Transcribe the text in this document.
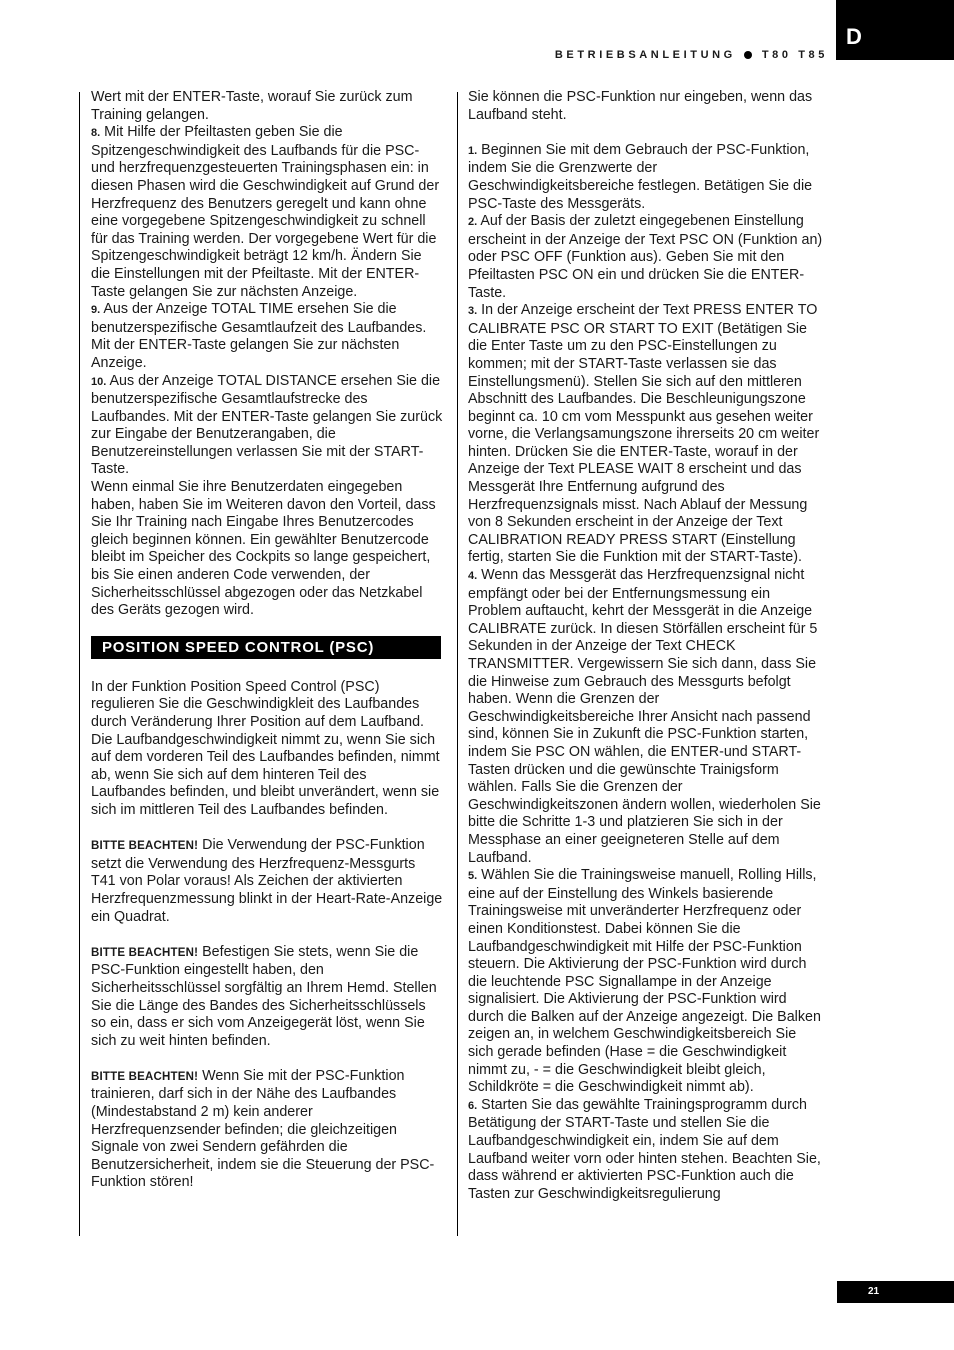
D
BETRIEBSANLEITUNG T80 T85

Wert mit der ENTER-Taste, worauf Sie zurück zum Training gelangen.

8. Mit Hilfe der Pfeiltasten geben Sie die Spitzengeschwindigkeit des Laufbands für die PSC- und herzfrequenzgesteuerten Trainingsphasen ein: in diesen Phasen wird die Geschwindigkeit auf Grund der Herzfrequenz des Benutzers geregelt und kann ohne eine vorgegebene Spitzengeschwindigkeit zu schnell für das Training werden. Der vorgegebene Wert für die Spitzengeschwindigkeit beträgt 12 km/h. Ändern Sie die Einstellungen mit der Pfeiltaste. Mit der ENTER-Taste gelangen Sie zur nächsten Anzeige.

9. Aus der Anzeige TOTAL TIME ersehen Sie die benutzerspezifische Gesamtlaufzeit des Laufbandes. Mit der ENTER-Taste gelangen Sie zur nächsten Anzeige.

10. Aus der Anzeige TOTAL DISTANCE ersehen Sie die benutzerspezifische Gesamtlaufstrecke des Laufbandes. Mit der ENTER-Taste gelangen Sie zurück zur Eingabe der Benutzerangaben, die Benutzereinstellungen verlassen Sie mit der START-Taste.

Wenn einmal Sie ihre Benutzerdaten eingegeben haben, haben Sie im Weiteren davon den Vorteil, dass Sie Ihr Training nach Eingabe Ihres Benutzercodes gleich beginnen können. Ein gewählter Benutzercode bleibt im Speicher des Cockpits so lange gespeichert, bis Sie einen anderen Code verwenden, der Sicherheitsschlüssel abgezogen oder das Netzkabel des Geräts gezogen wird.

POSITION SPEED CONTROL (PSC)

In der Funktion Position Speed Control (PSC) regulieren Sie die Geschwindigkleit des Laufbandes durch Veränderung Ihrer Position auf dem Laufband. Die Laufbandgeschwindigkeit nimmt zu, wenn Sie sich auf dem vorderen Teil des Laufbandes befinden, nimmt ab, wenn Sie sich auf dem hinteren Teil des Laufbandes befinden, und bleibt unverändert, wenn sie sich im mittleren Teil des Laufbandes befinden.

BITTE BEACHTEN! Die Verwendung der PSC-Funktion setzt die Verwendung des Herzfrequenz-Messgurts T41 von Polar voraus! Als Zeichen der aktivierten Herzfrequenzmessung blinkt in der Heart-Rate-Anzeige ein Quadrat.

BITTE BEACHTEN! Befestigen Sie stets, wenn Sie die PSC-Funktion eingestellt haben, den Sicherheitsschlüssel sorgfältig an Ihrem Hemd. Stellen Sie die Länge des Bandes des Sicherheitsschlüssels so ein, dass er sich vom Anzeigegerät löst, wenn Sie sich zu weit hinten befinden.

BITTE BEACHTEN! Wenn Sie mit der PSC-Funktion trainieren, darf sich in der Nähe des Laufbandes (Mindestabstand 2 m) kein anderer Herzfrequenzsender befinden; die gleichzeitigen Signale von zwei Sendern gefährden die Benutzersicherheit, indem sie die Steuerung der PSC-Funktion stören!

Sie können die PSC-Funktion nur eingeben, wenn das Laufband steht.

1. Beginnen Sie mit dem Gebrauch der PSC-Funktion, indem Sie die Grenzwerte der Geschwindigkeitsbereiche festlegen. Betätigen Sie die PSC-Taste des Messgeräts.

2. Auf der Basis der zuletzt eingegebenen Einstellung erscheint in der Anzeige der Text PSC ON (Funktion an) oder PSC OFF (Funktion aus). Geben Sie mit den Pfeiltasten PSC ON ein und drücken Sie die ENTER-Taste.

3. In der Anzeige erscheint der Text PRESS ENTER TO CALIBRATE PSC OR START TO EXIT (Betätigen Sie die Enter Taste um zu den PSC-Einstellungen zu kommen; mit der START-Taste verlassen sie das Einstellungsmenü). Stellen Sie sich auf den mittleren Abschnitt des Laufbandes. Die Beschleunigungszone beginnt ca. 10 cm vom Messpunkt aus gesehen weiter vorne, die Verlangsamungszone ihrerseits 20 cm weiter hinten. Drücken Sie die ENTER-Taste, worauf in der Anzeige der Text PLEASE WAIT 8 erscheint und das Messgerät Ihre Entfernung aufgrund des Herzfrequenzsignals misst. Nach Ablauf der Messung von 8 Sekunden erscheint in der Anzeige der Text CALIBRATION READY PRESS START (Einstellung fertig, starten Sie die Funktion mit der START-Taste).

4. Wenn das Messgerät das Herzfrequenzsignal nicht empfängt oder bei der Entfernungsmessung ein Problem auftaucht, kehrt der Messgerät in die Anzeige CALIBRATE zurück. In diesen Störfällen erscheint für 5 Sekunden in der Anzeige der Text CHECK TRANSMITTER. Vergewissern Sie sich dann, dass Sie die Hinweise zum Gebrauch des Messgurts befolgt haben. Wenn die Grenzen der Geschwindigkeitsbereiche Ihrer Ansicht nach passend sind, können Sie in Zukunft die PSC-Funktion starten, indem Sie PSC ON wählen, die ENTER-und START-Tasten drücken und die gewünschte Trainigsform wählen. Falls Sie die Grenzen der Geschwindigkeitszonen ändern wollen, wiederholen Sie bitte die Schritte 1-3 und platzieren Sie sich in der Messphase an einer geeigneteren Stelle auf dem Laufband.

5. Wählen Sie die Trainingsweise manuell, Rolling Hills, eine auf der Einstellung des Winkels basierende Trainingsweise mit unveränderter Herzfrequenz oder einen Konditionstest. Dabei können Sie die Laufbandgeschwindigkeit mit Hilfe der PSC-Funktion steuern. Die Aktivierung der PSC-Funktion wird durch die leuchtende PSC Signallampe in der Anzeige signalisiert. Die Aktivierung der PSC-Funktion wird durch die Balken auf der Anzeige angezeigt. Die Balken zeigen an, in welchem Geschwindigkeitsbereich Sie sich gerade befinden (Hase = die Geschwindigkeit nimmt zu, - = die Geschwindigkeit bleibt gleich, Schildkröte = die Geschwindigkeit nimmt ab).

6. Starten Sie das gewählte Trainingsprogramm durch Betätigung der START-Taste und stellen Sie die Laufbandgeschwindigkeit ein, indem Sie auf dem Laufband weiter vorn oder hinten stehen. Beachten Sie, dass während er aktivierten PSC-Funktion auch die Tasten zur Geschwindigkeitsregulierung

21
